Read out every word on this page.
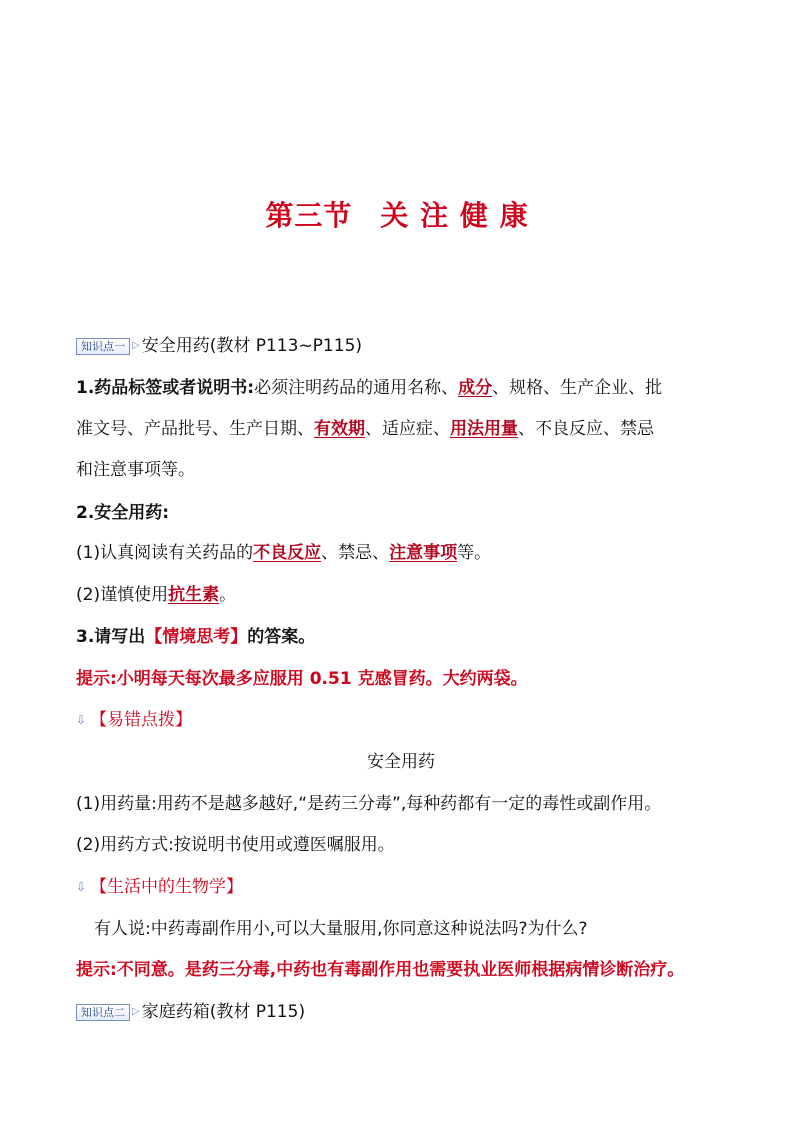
第三节 关 注 健 康
知识点一 ▷ 安全用药(教材 P113~P115)
1.药品标签或者说明书:必须注明药品的通用名称、成分、规格、生产企业、批
准文号、产品批号、生产日期、有效期、适应症、用法用量、不良反应、禁忌
和注意事项等。
2.安全用药:
(1)认真阅读有关药品的不良反应、禁忌、注意事项等。
(2)谨慎使用抗生素。
3.请写出【情境思考】的答案。
提示:小明每天每次最多应服用 0.51 克感冒药。大约两袋。
⇩ 【易错点拨】
安全用药
(1)用药量:用药不是越多越好,“是药三分毒”,每种药都有一定的毒性或副作用。
(2)用药方式:按说明书使用或遵医嘱服用。
⇩ 【生活中的生物学】
有人说:中药毒副作用小,可以大量服用,你同意这种说法吗?为什么?
提示:不同意。是药三分毒,中药也有毒副作用也需要执业医师根据病情诊断治疗。
知识点二 ▷ 家庭药箱(教材 P115)
